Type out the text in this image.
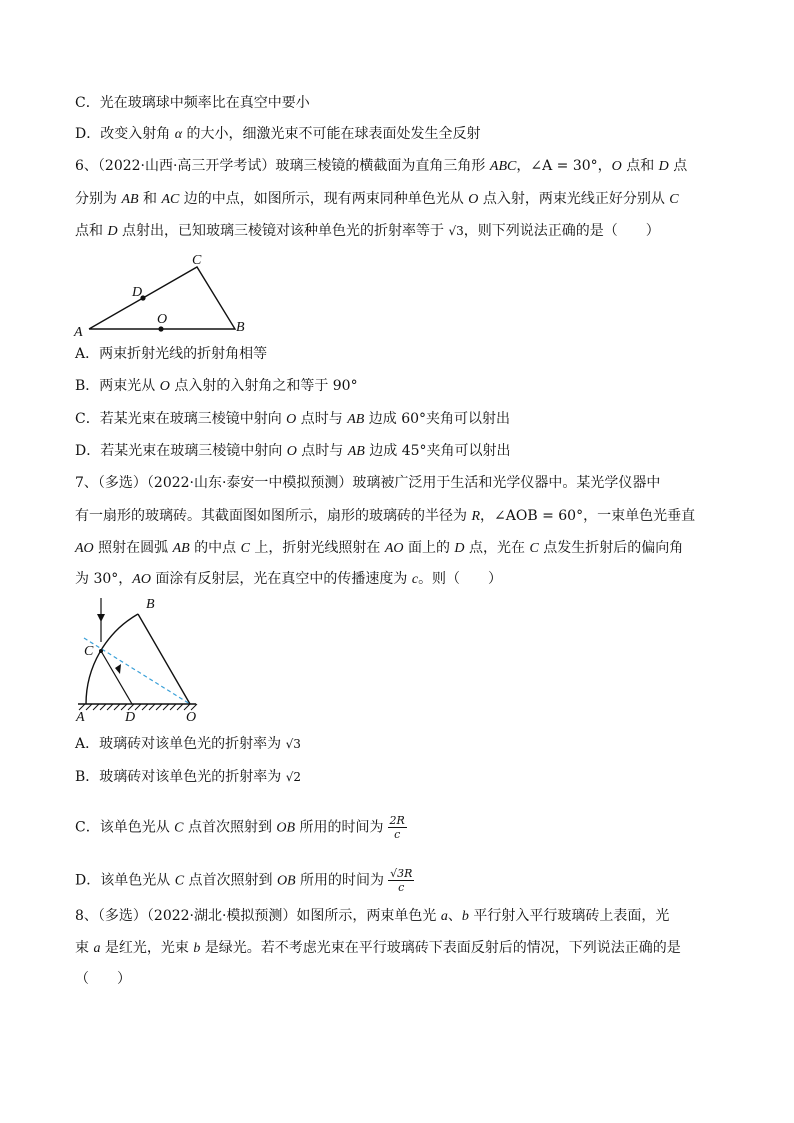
C．光在玻璃球中频率比在真空中要小
D．改变入射角 α 的大小，细激光束不可能在球表面处发生全反射
6、（2022·山西·高三开学考试）玻璃三棱镜的横截面为直角三角形 ABC，∠A = 30°，O 点和 D 点
分别为 AB 和 AC 边的中点，如图所示，现有两束同种单色光从 O 点入射，两束光线正好分别从 C
点和 D 点射出，已知玻璃三棱镜对该种单色光的折射率等于 √3，则下列说法正确的是（　　）
C
D
O
A	B
A．两束折射光线的折射角相等
B．两束光从 O 点入射的入射角之和等于 90°
C．若某光束在玻璃三棱镜中射向 O 点时与 AB 边成 60°夹角可以射出
D．若某光束在玻璃三棱镜中射向 O 点时与 AB 边成 45°夹角可以射出
7、（多选）（2022·山东·泰安一中模拟预测）玻璃被广泛用于生活和光学仪器中。某光学仪器中
有一扇形的玻璃砖。其截面图如图所示，扇形的玻璃砖的半径为 R，∠AOB = 60°，一束单色光垂直
AO 照射在圆弧 AB 的中点 C 上，折射光线照射在 AO 面上的 D 点，光在 C 点发生折射后的偏向角
为 30°，AO 面涂有反射层，光在真空中的传播速度为 c。则（　　）
B
C
A	D	O
A．玻璃砖对该单色光的折射率为 √3
B．玻璃砖对该单色光的折射率为 √2
C．该单色光从 C 点首次照射到 OB 所用的时间为 $\frac{2R}{c}$
D．该单色光从 C 点首次照射到 OB 所用的时间为 $\frac{√3R}{c}$
8、（多选）（2022·湖北·模拟预测）如图所示，两束单色光 a、b 平行射入平行玻璃砖上表面，光
束 a 是红光，光束 b 是绿光。若不考虑光束在平行玻璃砖下表面反射后的情况，下列说法正确的是
（　　）
